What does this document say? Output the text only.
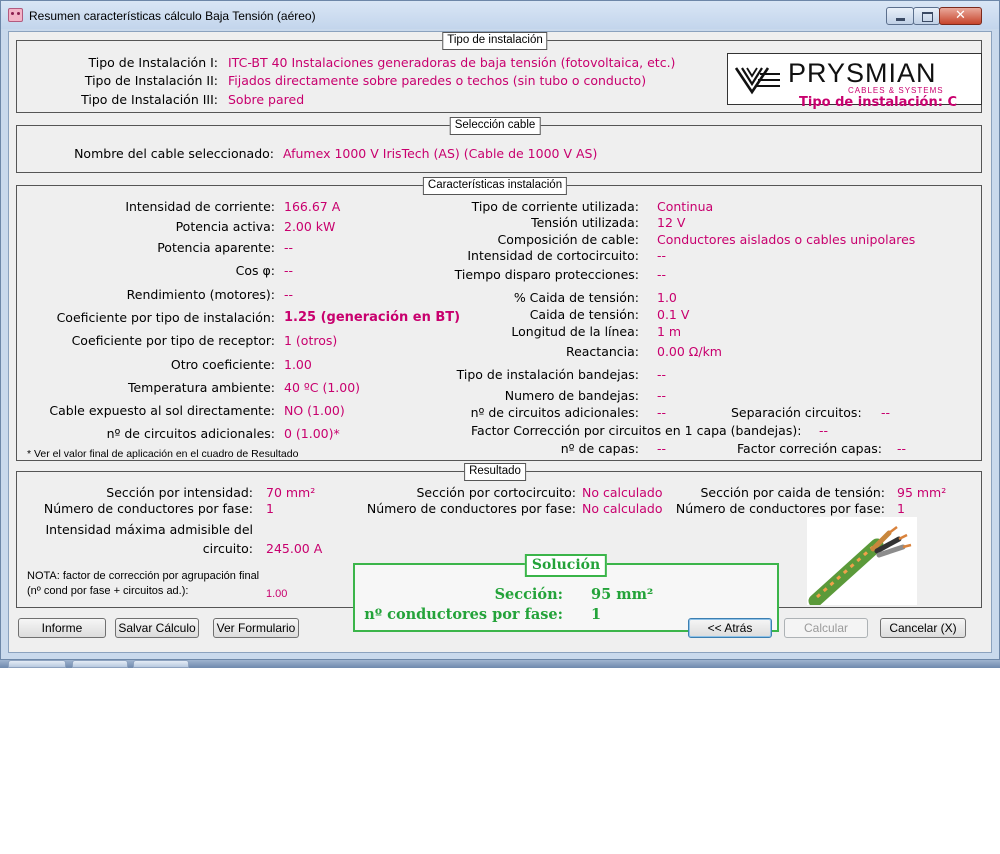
Resumen características cálculo Baja Tensión (aéreo)
✕
Tipo de instalación
Tipo de Instalación I: ITC-BT 40 Instalaciones generadoras de baja tensión (fotovoltaica, etc.)
Tipo de Instalación II: Fijados directamente sobre paredes o techos (sin tubo o conducto)
Tipo de Instalación III: Sobre pared
PRYSMIAN
CABLES & SYSTEMS
Tipo de instalación: C
Selección cable
Nombre del cable seleccionado: Afumex 1000 V IrisTech (AS) (Cable de 1000 V AS)
Características instalación
Intensidad de corriente: 166.67 A
Potencia activa: 2.00 kW
Potencia aparente: --
Cos φ: --
Rendimiento (motores): --
Coeficiente por tipo de instalación: 1.25 (generación en BT)
Coeficiente por tipo de receptor: 1 (otros)
Otro coeficiente: 1.00
Temperatura ambiente: 40 ºC (1.00)
Cable expuesto al sol directamente: NO (1.00)
nº de circuitos adicionales: 0 (1.00)*
* Ver el valor final de aplicación en el cuadro de Resultado
Tipo de corriente utilizada: Continua
Tensión utilizada: 12 V
Composición de cable: Conductores aislados o cables unipolares
Intensidad de cortocircuito: --
Tiempo disparo protecciones: --
% Caida de tensión: 1.0
Caida de tensión: 0.1 V
Longitud de la línea: 1 m
Reactancia: 0.00 Ω/km
Tipo de instalación bandejas: --
Numero de bandejas: --
nº de circuitos adicionales: --
Factor Corrección por circuitos en 1 capa (bandejas): --
nº de capas: --
Separación circuitos: --
Factor correción capas: --
Resultado
Sección por intensidad: 70 mm²
Número de conductores por fase: 1
Sección por cortocircuito: No calculado
Número de conductores por fase: No calculado
Sección por caida de tensión: 95 mm²
Número de conductores por fase: 1
Intensidad máxima admisible del
circuito: 245.00 A
NOTA: factor de corrección por agrupación final
(nº cond por fase + circuitos ad.):	1.00
Solución
Sección: 95 mm²
nº conductores por fase: 1
Informe	Salvar Cálculo	Ver Formulario	<< Atrás	Calcular	Cancelar (X)
